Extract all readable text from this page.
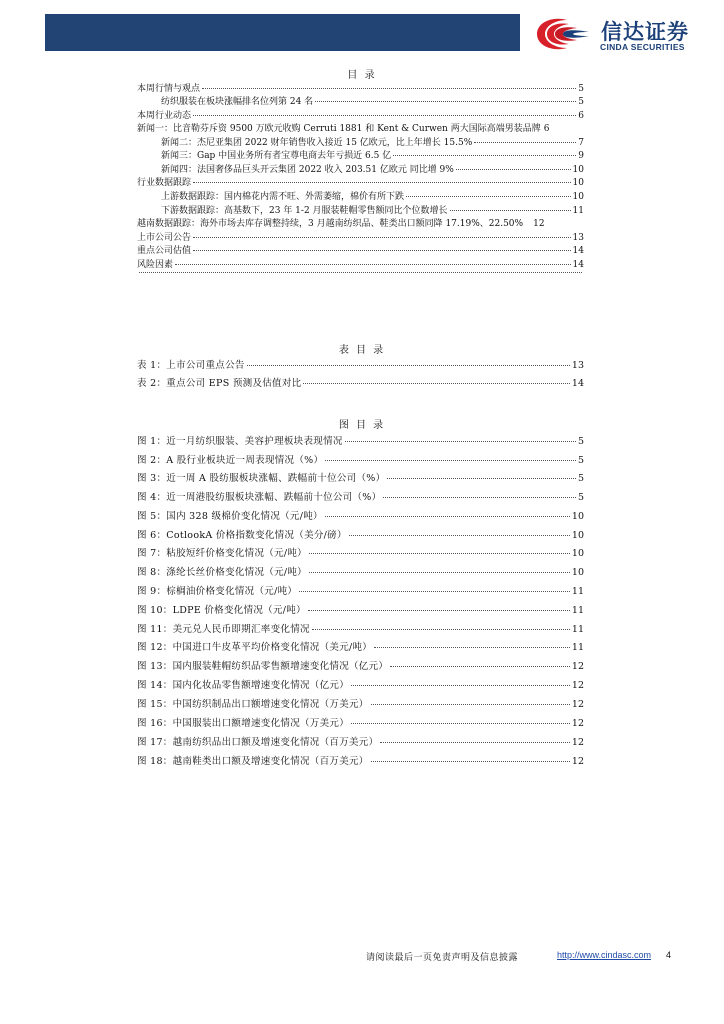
信达证券
CINDA SECURITIES
目 录
本周行情与观点	5
纺织服装在板块涨幅排名位列第 24 名	5
本周行业动态	6
新闻一：比音勒芬斥资 9500 万欧元收购 Cerruti 1881 和 Kent & Curwen 两大国际高端男装品牌 6
新闻二：杰尼亚集团 2022 财年销售收入接近 15 亿欧元，比上年增长 15.5%	7
新闻三：Gap 中国业务所有者宝尊电商去年亏损近 6.5 亿	9
新闻四：法国奢侈品巨头开云集团 2022 收入 203.51 亿欧元 同比增 9%	10
行业数据跟踪	10
上游数据跟踪：国内棉花内需不旺、外需萎缩，棉价有所下跌	10
下游数据跟踪：高基数下，23 年 1-2 月服装鞋帽零售额同比个位数增长	11
越南数据跟踪：海外市场去库存调整持续，3 月越南纺织品、鞋类出口额同降 17.19%、22.50% 12
上市公司公告	13
重点公司估值	14
风险因素	14
表 目 录
表 1：上市公司重点公告	13
表 2：重点公司 EPS 预测及估值对比	14
图 目 录
图 1：近一月纺织服装、美容护理板块表现情况	5
图 2：A 股行业板块近一周表现情况（%）	5
图 3：近一周 A 股纺服板块涨幅、跌幅前十位公司（%）	5
图 4：近一周港股纺服板块涨幅、跌幅前十位公司（%）	5
图 5：国内 328 级棉价变化情况（元/吨）	10
图 6：CotlookA 价格指数变化情况（美分/磅）	10
图 7：粘胶短纤价格变化情况（元/吨）	10
图 8：涤纶长丝价格变化情况（元/吨）	10
图 9：棕榈油价格变化情况（元/吨）	11
图 10：LDPE 价格变化情况（元/吨）	11
图 11：美元兑人民币即期汇率变化情况	11
图 12：中国进口牛皮革平均价格变化情况（美元/吨）	11
图 13：国内服装鞋帽纺织品零售额增速变化情况（亿元）	12
图 14：国内化妆品零售额增速变化情况（亿元）	12
图 15：中国纺织制品出口额增速变化情况（万美元）	12
图 16：中国服装出口额增速变化情况（万美元）	12
图 17：越南纺织品出口额及增速变化情况（百万美元）	12
图 18：越南鞋类出口额及增速变化情况（百万美元）	12
请阅读最后一页免责声明及信息披露	http://www.cindasc.com 4
